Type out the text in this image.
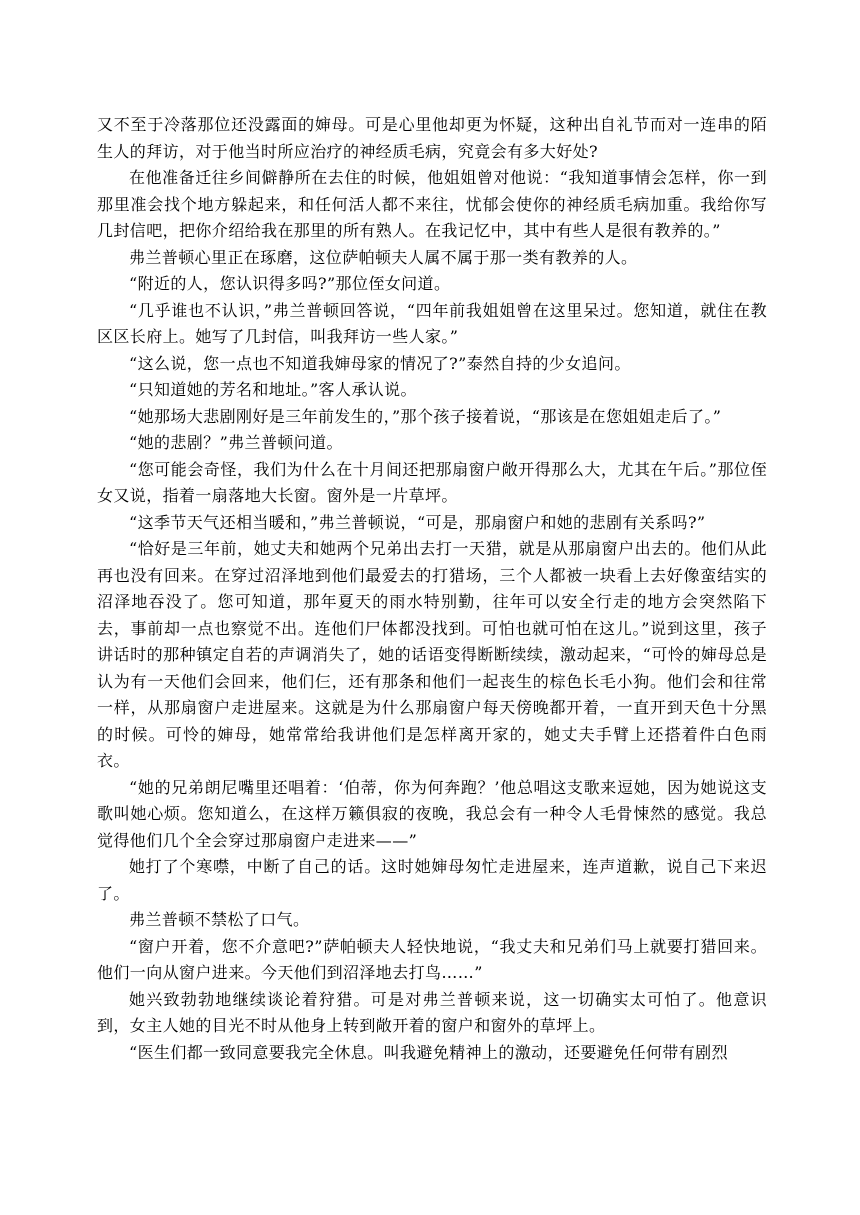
又不至于冷落那位还没露面的婶母。可是心里他却更为怀疑，这种出自礼节而对一连串的陌生人的拜访，对于他当时所应治疗的神经质毛病，究竟会有多大好处?

在他准备迁往乡间僻静所在去住的时候，他姐姐曾对他说：“我知道事情会怎样，你一到那里准会找个地方躲起来，和任何活人都不来往，忧郁会使你的神经质毛病加重。我给你写几封信吧，把你介绍给我在那里的所有熟人。在我记忆中，其中有些人是很有教养的。”

弗兰普顿心里正在琢磨，这位萨帕顿夫人属不属于那一类有教养的人。

“附近的人，您认识得多吗?”那位侄女问道。

“几乎谁也不认识，”弗兰普顿回答说，“四年前我姐姐曾在这里呆过。您知道，就住在教区区长府上。她写了几封信，叫我拜访一些人家。”

“这么说，您一点也不知道我婶母家的情况了?”泰然自持的少女追问。

“只知道她的芳名和地址。”客人承认说。

“她那场大悲剧刚好是三年前发生的，”那个孩子接着说，“那该是在您姐姐走后了。”

“她的悲剧？”弗兰普顿问道。

“您可能会奇怪，我们为什么在十月间还把那扇窗户敞开得那么大，尤其在午后。”那位侄女又说，指着一扇落地大长窗。窗外是一片草坪。

“这季节天气还相当暖和，”弗兰普顿说，“可是，那扇窗户和她的悲剧有关系吗?”

“恰好是三年前，她丈夫和她两个兄弟出去打一天猎，就是从那扇窗户出去的。他们从此再也没有回来。在穿过沼泽地到他们最爱去的打猎场，三个人都被一块看上去好像蛮结实的沼泽地吞没了。您可知道，那年夏天的雨水特别勤，往年可以安全行走的地方会突然陷下去，事前却一点也察觉不出。连他们尸体都没找到。可怕也就可怕在这儿。”说到这里，孩子讲话时的那种镇定自若的声调消失了，她的话语变得断断续续，激动起来，“可怜的婶母总是认为有一天他们会回来，他们仨，还有那条和他们一起丧生的棕色长毛小狗。他们会和往常一样，从那扇窗户走进屋来。这就是为什么那扇窗户每天傍晚都开着，一直开到天色十分黑的时候。可怜的婶母，她常常给我讲他们是怎样离开家的，她丈夫手臂上还搭着件白色雨衣。

“她的兄弟朗尼嘴里还唱着：‘伯蒂，你为何奔跑？’他总唱这支歌来逗她，因为她说这支歌叫她心烦。您知道么，在这样万籁俱寂的夜晚，我总会有一种令人毛骨悚然的感觉。我总觉得他们几个全会穿过那扇窗户走进来——”

她打了个寒噤，中断了自己的话。这时她婶母匆忙走进屋来，连声道歉，说自己下来迟了。

弗兰普顿不禁松了口气。

“窗户开着，您不介意吧?”萨帕顿夫人轻快地说，“我丈夫和兄弟们马上就要打猎回来。他们一向从窗户进来。今天他们到沼泽地去打鸟……”

她兴致勃勃地继续谈论着狩猎。可是对弗兰普顿来说，这一切确实太可怕了。他意识到，女主人她的目光不时从他身上转到敞开着的窗户和窗外的草坪上。

“医生们都一致同意要我完全休息。叫我避免精神上的激动，还要避免任何带有剧烈
